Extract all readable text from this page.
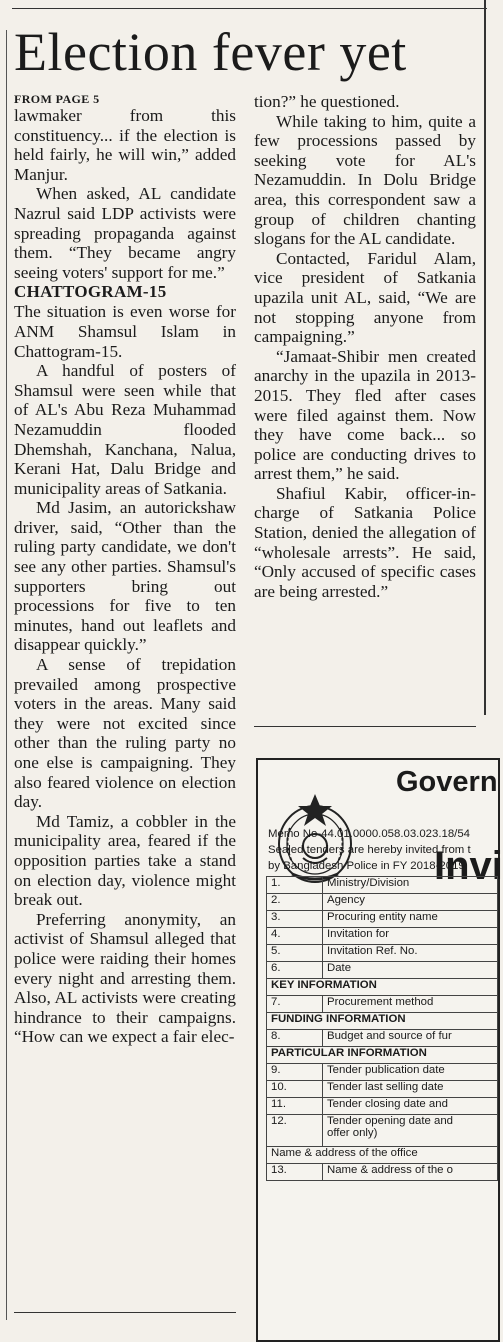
Election fever yet

FROM PAGE 5

lawmaker from this constituency... if the election is held fairly, he will win,” added Manjur.

When asked, AL candidate Nazrul said LDP activists were spreading propaganda against them. “They became angry seeing voters' support for me.”

CHATTOGRAM-15

The situation is even worse for ANM Shamsul Islam in Chattogram-15.

A handful of posters of Shamsul were seen while that of AL's Abu Reza Muhammad Nezamuddin flooded Dhemshah, Kanchana, Nalua, Kerani Hat, Dalu Bridge and municipality areas of Satkania.

Md Jasim, an autorickshaw driver, said, “Other than the ruling party candidate, we don't see any other parties. Shamsul's supporters bring out processions for five to ten minutes, hand out leaflets and disappear quickly.”

A sense of trepidation prevailed among prospective voters in the areas. Many said they were not excited since other than the ruling party no one else is campaigning. They also feared violence on election day.

Md Tamiz, a cobbler in the municipality area, feared if the opposition parties take a stand on election day, violence might break out.

Preferring anonymity, an activist of Shamsul alleged that police were raiding their homes every night and arresting them. Also, AL activists were creating hindrance to their campaigns. “How can we expect a fair elec-

tion?” he questioned.

While taking to him, quite a few processions passed by seeking vote for AL's Nezamuddin. In Dolu Bridge area, this correspondent saw a group of children chanting slogans for the AL candidate.

Contacted, Faridul Alam, vice president of Satkania upazila unit AL, said, “We are not stopping anyone from campaigning.”

“Jamaat-Shibir men created anarchy in the upazila in 2013-2015. They fled after cases were filed against them. Now they have come back... so police are conducting drives to arrest them,” he said.

Shafiul Kabir, officer-in-charge of Satkania Police Station, denied the allegation of “wholesale arrests”. He said, “Only accused of specific cases are being arrested.”

Govern
Invi
Memo No-44.01.0000.058.03.023.18/54
Sealed tenders are hereby invited from t
by Bangladesh Police in FY 2018-2019.
1.	Ministry/Division
2.	Agency
3.	Procuring entity name
4.	Invitation for
5.	Invitation Ref. No.
6.	Date
KEY INFORMATION	
7.	Procurement method
FUNDING INFORMATION	
8.	Budget and source of fur
PARTICULAR INFORMATION	
9.	Tender publication date
10.	Tender last selling date
11.	Tender closing date and
12.	Tender opening date and
offer only)
Name & address of the office	
13.	Name & address of the o
